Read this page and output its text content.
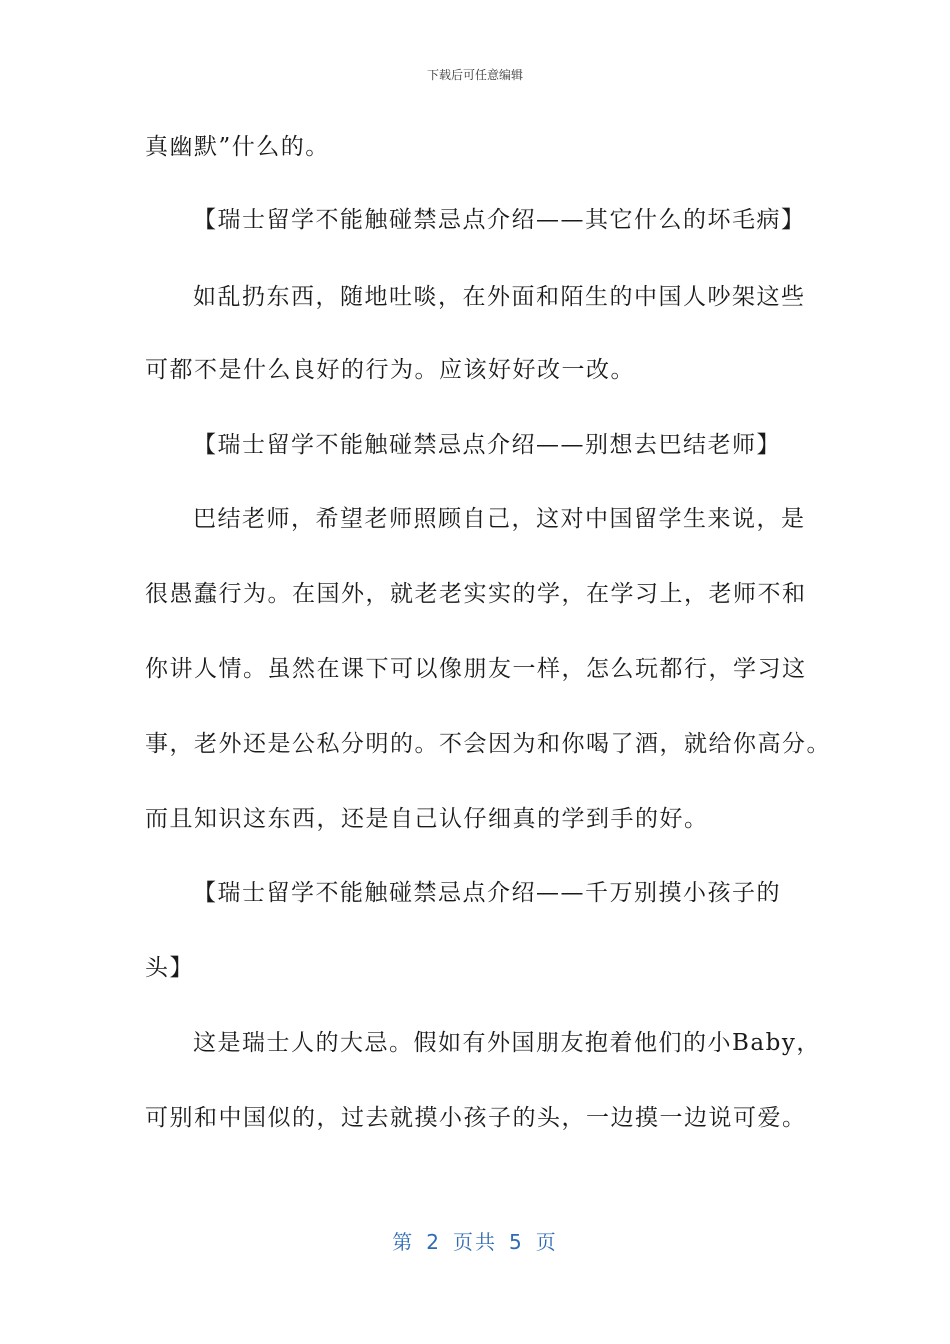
下载后可任意编辑
真幽默”什么的。
【瑞士留学不能触碰禁忌点介绍——其它什么的坏毛病】
如乱扔东西，随地吐啖，在外面和陌生的中国人吵架这些
可都不是什么良好的行为。应该好好改一改。
【瑞士留学不能触碰禁忌点介绍——别想去巴结老师】
巴结老师，希望老师照顾自己，这对中国留学生来说，是
很愚蠢行为。在国外，就老老实实的学，在学习上，老师不和
你讲人情。虽然在课下可以像朋友一样，怎么玩都行，学习这
事，老外还是公私分明的。不会因为和你喝了酒，就给你高分。
而且知识这东西，还是自己认仔细真的学到手的好。
【瑞士留学不能触碰禁忌点介绍——千万别摸小孩子的
头】
这是瑞士人的大忌。假如有外国朋友抱着他们的小Baby，
可别和中国似的，过去就摸小孩子的头，一边摸一边说可爱。
第 2 页共 5 页
